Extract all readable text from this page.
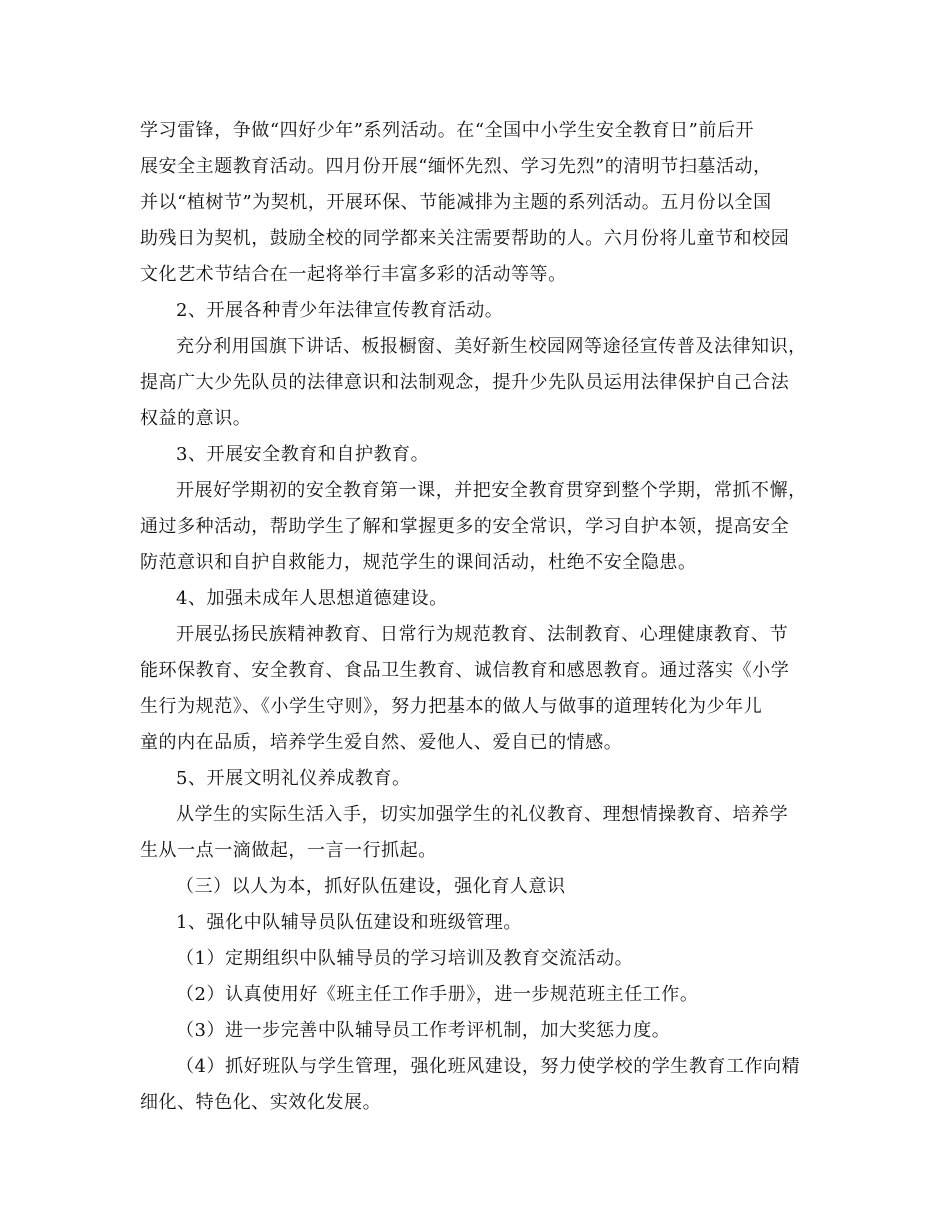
学习雷锋，争做“四好少年”系列活动。在“全国中小学生安全教育日”前后开
展安全主题教育活动。四月份开展“缅怀先烈、学习先烈”的清明节扫墓活动，
并以“植树节”为契机，开展环保、节能减排为主题的系列活动。五月份以全国
助残日为契机，鼓励全校的同学都来关注需要帮助的人。六月份将儿童节和校园
文化艺术节结合在一起将举行丰富多彩的活动等等。
2、开展各种青少年法律宣传教育活动。
充分利用国旗下讲话、板报橱窗、美好新生校园网等途径宣传普及法律知识，
提高广大少先队员的法律意识和法制观念，提升少先队员运用法律保护自己合法
权益的意识。
3、开展安全教育和自护教育。
开展好学期初的安全教育第一课，并把安全教育贯穿到整个学期，常抓不懈，
通过多种活动，帮助学生了解和掌握更多的安全常识，学习自护本领，提高安全
防范意识和自护自救能力，规范学生的课间活动，杜绝不安全隐患。
4、加强未成年人思想道德建设。
开展弘扬民族精神教育、日常行为规范教育、法制教育、心理健康教育、节
能环保教育、安全教育、食品卫生教育、诚信教育和感恩教育。通过落实《小学
生行为规范》、《小学生守则》，努力把基本的做人与做事的道理转化为少年儿
童的内在品质，培养学生爱自然、爱他人、爱自已的情感。
5、开展文明礼仪养成教育。
从学生的实际生活入手，切实加强学生的礼仪教育、理想情操教育、培养学
生从一点一滴做起，一言一行抓起。
（三）以人为本，抓好队伍建设，强化育人意识
1、强化中队辅导员队伍建设和班级管理。
（1）定期组织中队辅导员的学习培训及教育交流活动。
（2）认真使用好《班主任工作手册》，进一步规范班主任工作。
（3）进一步完善中队辅导员工作考评机制，加大奖惩力度。
（4）抓好班队与学生管理，强化班风建设，努力使学校的学生教育工作向精
细化、特色化、实效化发展。
